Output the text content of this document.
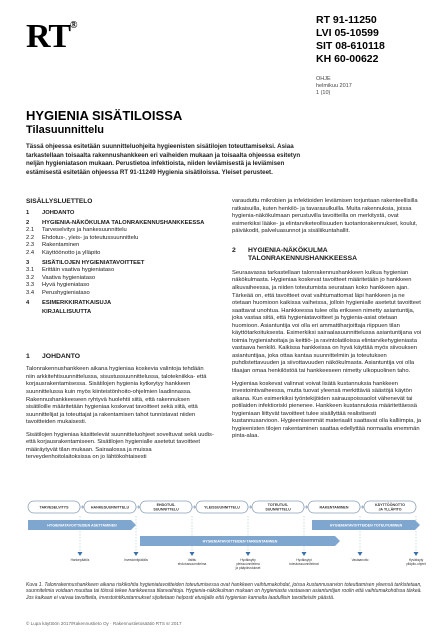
RT®	RT 91-11250
LVI 05-10599
SIT 08-610118
KH 60-00622
OHJE
helmikuu 2017
1 (10)
HYGIENIA SISÄTILOISSA
Tilasuunnittelu
Tässä ohjeessa esitetään suunnitteluohjeita hygieenisten sisätilojen toteuttamiseksi. Asiaa tarkastellaan toisaalta rakennushankkeen eri vaiheiden mukaan ja toisaalta ohjeessa esitetyn neljän hygieniatason mukaan. Perustietoa infektioista, niiden leviämisestä ja leviämisen estämisestä esitetään ohjeessa RT 91-11249 Hygienia sisätiloissa. Yleiset perusteet.
SISÄLLYSLUETTELO
1	JOHDANTO
2	HYGIENIA-NÄKÖKULMA TALONRAKENNUSHANKKEESSA
2.1	Tarveselvitys ja hankesuunnittelu
2.2	Ehdotus-, yleis- ja toteutussuunnittelu
2.3	Rakentaminen
2.4	Käyttöönotto ja ylläpito
3	SISÄTILOJEN HYGIENIATAVOITTEET
3.1	Erittäin vaativa hygieniataso
3.2	Vaativa hygieniataso
3.3	Hyvä hygieniataso
3.4	Perushygieniataso
4	ESIMERKKIRATKAISUJA
KIRJALLISUUTTA
1	JOHDANTO

Talonrakennushankkeen aikana hygieniaa koskevia valintoja tehdään niin arkkitehtisuunnittelussa, sisustussuunnittelussa, talotekniikka- että korjausrakentamisessa. Sisätilojen hygienia kytkeytyy hankkeen suunnittelussa kuin myös kiinteistönhoito-ohjelmien laadinnassa. Rakennushankkeeseen ryhtyvä huolehtii siitä, että rakennuksen sisätiloille määritetään hygieniaa koskevat tavoitteet sekä siitä, että suunnittelijat ja toteuttajat ja rakentamisen tahot tunnistavat niiden tavoitteiden mukaisesti.

Sisätilojen hygieniaa käsittelevät suunnitteluohjeet soveltuvat sekä uudis- että korjausrakentamiseen. Sisätilojen hygienialle asetetut tavoitteet määräytyvät tilan mukaan. Sairaalossa ja muissa terveydenhoitolaitoksissa on jo lähtökohtaisesti

varauduttu mikrobien ja infektioiden leviämisen torjuntaan rakenteellisilla ratkaisuilla, kuten henkilö- ja tavarasulkuilla. Muita rakennuksia, joissa hygienia-näkökulmaan perustuvilla tavoitteilla on merkitystä, ovat esimerkiksi lääke- ja elintarviketeollisuuden tuotantorakennukset, koulut, päiväkodit, palveluasunnot ja sisäliikuntahallit.

2	HYGIENIA-NÄKÖKULMA TALONRAKENNUSHANKKEESSA

Seuraavassa tarkastellaan talonrakennushankkeen kulkua hygienian näkökulmasta. Hygieniaa koskevat tavoitteet määritetään jo hankkeen alkuvaiheessa, ja niiden toteutumista seurataan koko hankkeen ajan. Tärkeää on, että tavoitteet ovat vaihtumattomat läpi hankkeen ja ne otetaan huomioon kaikissa vaiheissa, jolloin hygienialle asetetut tavoitteet saattavat unohtua. Hankkeessa tulee olla erikseen nimetty asiantuntija, joka vastaa siitä, että hygieniatavoitteet ja hygienia-asiat otetaan huomioon. Asiantuntija voi olla eri ammattiharjoittaja riippuen tilan käyttötarkoituksesta. Esimerkiksi sairaalasuunnittelussa asiantuntijana voi toimia hygieniahoitaja ja keittiö- ja ravintolatiloissa elintarvikehygieniasta vastaava henkilö. Kaikissa hankkeissa on hyvä käyttää myös siivouksen asiantuntijaa, joka ottaa kantaa suunnittelmiin ja toteutuksen puhdistettavuuden ja siivottavuuden näkökulmasta. Asiantuntija voi olla tilaajan omaa henkilöstöä tai hankkeeseen nimetty ulkopuolinen taho.

Hygieniaa koskevat valinnat voivat lisätä kustannuksia hankkeen investointivaiheessa, mutta tuovat yleensä merkittäviä säästöjä käytön aikana. Kun esimerkiksi työntekijöiden sairauspoissaolot vähenevät tai potilaiden infektioriski pienenee. Hankkeen kustannuksia määritettäessä hygieniaan liittyvät tavoitteet tulee sisällyttää realistisesti kustannusarvioon. Hygieenisemmät materiaalit saattavat olla kalliimpia, ja hygieenisten tilojen rakentaminen saattaa edellyttää normaalia enemmän pinta-alaa.

TARVESELVITYS	HANKESUUNNITTELU
EHDOTUS-SUUNNITTELU	YLEISSUUNNITTELU
TOTEUTUS-SUUNNITTELU	RAKENTAMINEN
KÄYTTÖÖNOTTO JA YLLÄPITO
Hankepäätös	Investointipäätös	Valittu ehdotussuunnitelma
Hyväksytty yleissuunnitelma ja pääpiirustukset
Hyväksytyt toteutussuunnitelmat
Vastaanotto	Hyväksyty ylläpito-ohjeet
HYGIENIATAVOITTEIDEN ASETTAMINEN
HYGIENIATAVOITTEIDEN TARKENTAMINEN
HYGIENIATAVOITTEIDEN TOTEUTUMINEN
Kuva 1. Talonrakennushankkeen aikana riskikohtia hygieniatavoitteiden toteutumisessa ovat hankkeen vaihtumakohdat, joissa kustannusarvion toteuttamisen yleensä tarkistetaan, suunnitelmia voidaan muuttaa tai töissä tekee hankkeessa tilanvaihtoja. Hygienia-näkökulman mukaan on hygieniasta vastaavan asiantuntijan roolin että vaihtumakohdissa tärkeä. Jos kaikaan ei vaivaa tavoitteita, investointikustannukset sijoitetaan helposti etusijalle että hygienian kannalta laadullisin tavoitteisiin päästä.
© Lupa käyttöön 2017/Rakennustieto Oy · Rakennustietosäätiö RTS sr 2017
